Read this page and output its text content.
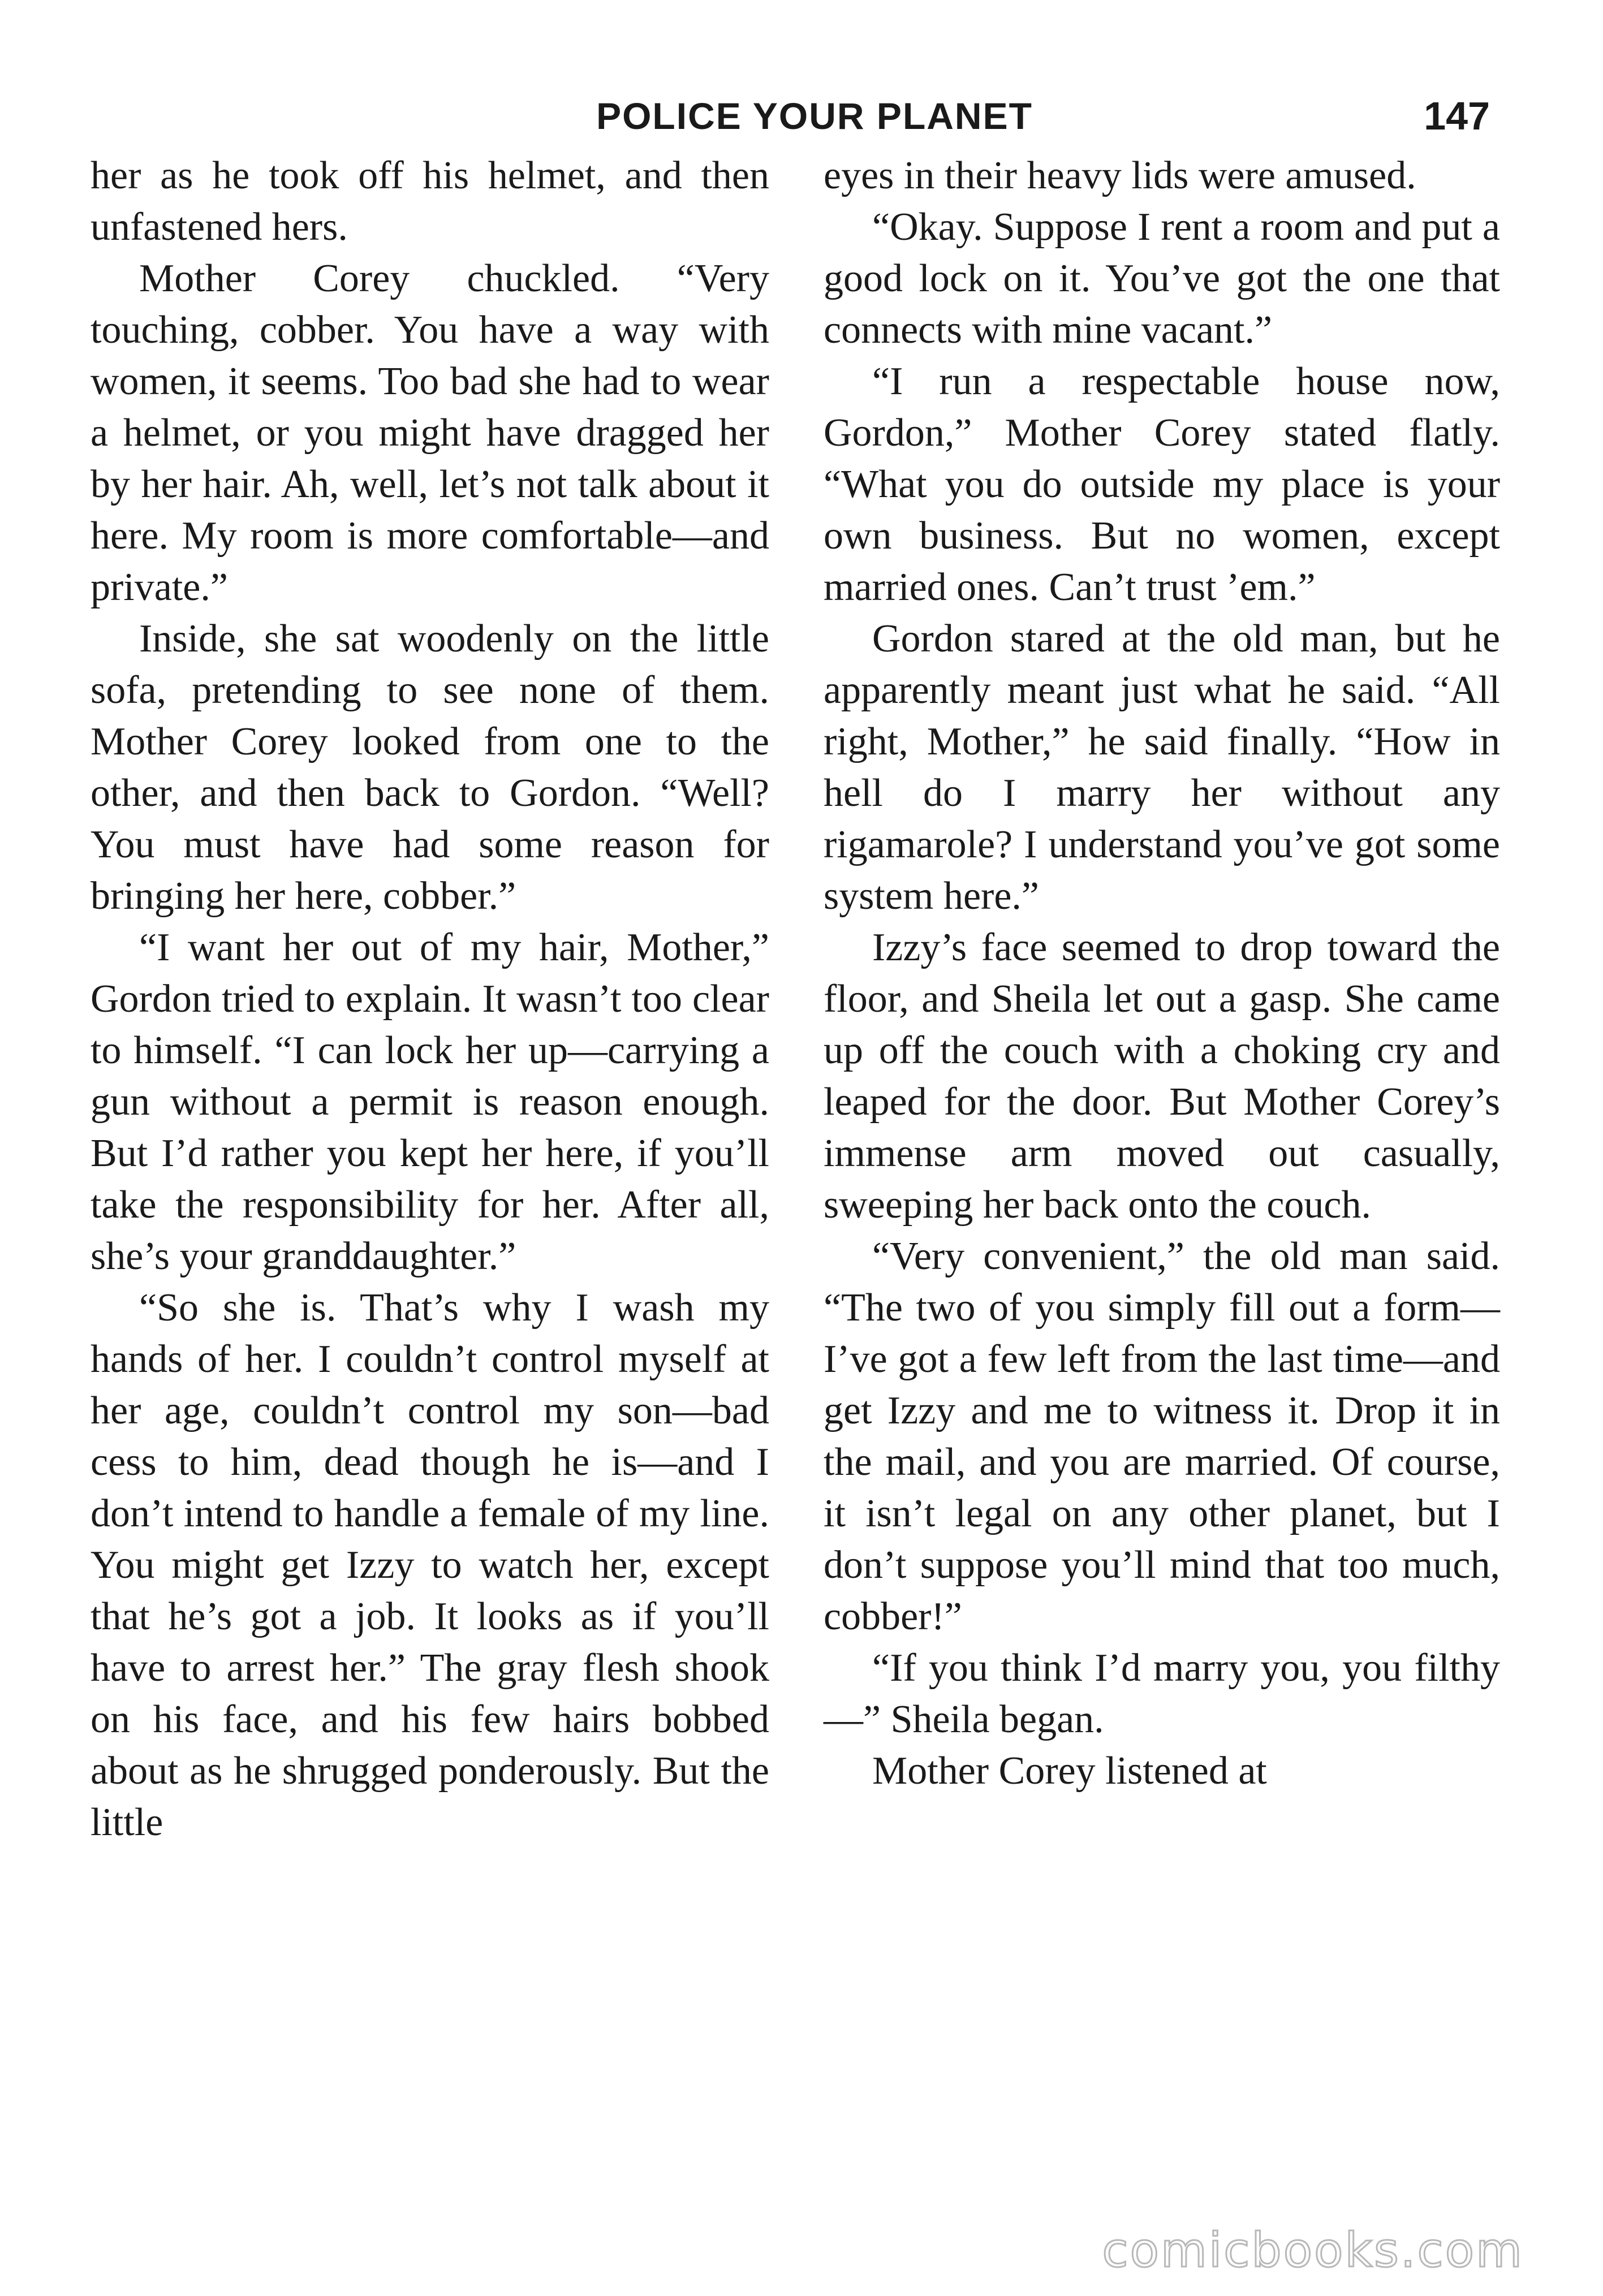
POLICE YOUR PLANET	147

her as he took off his helmet, and then unfastened hers.

Mother Corey chuckled. “Very touching, cobber. You have a way with women, it seems. Too bad she had to wear a helmet, or you might have dragged her by her hair. Ah, well, let’s not talk about it here. My room is more comfortable—and private.”

Inside, she sat woodenly on the little sofa, pretending to see none of them. Mother Corey looked from one to the other, and then back to Gordon. “Well? You must have had some reason for bringing her here, cobber.”

“I want her out of my hair, Mother,” Gordon tried to explain. It wasn’t too clear to himself. “I can lock her up—carrying a gun without a permit is reason enough. But I’d rather you kept her here, if you’ll take the responsibility for her. After all, she’s your granddaughter.”

“So she is. That’s why I wash my hands of her. I couldn’t control myself at her age, couldn’t control my son—bad cess to him, dead though he is—and I don’t intend to handle a female of my line. You might get Izzy to watch her, except that he’s got a job. It looks as if you’ll have to arrest her.” The gray flesh shook on his face, and his few hairs bobbed about as he shrugged ponderously. But the little

eyes in their heavy lids were amused.

“Okay. Suppose I rent a room and put a good lock on it. You’ve got the one that connects with mine vacant.”

“I run a respectable house now, Gordon,” Mother Corey stated flatly. “What you do outside my place is your own business. But no women, except married ones. Can’t trust ’em.”

Gordon stared at the old man, but he apparently meant just what he said. “All right, Mother,” he said finally. “How in hell do I marry her without any rigamarole? I understand you’ve got some system here.”

Izzy’s face seemed to drop toward the floor, and Sheila let out a gasp. She came up off the couch with a choking cry and leaped for the door. But Mother Corey’s immense arm moved out casually, sweeping her back onto the couch.

“Very convenient,” the old man said. “The two of you simply fill out a form—I’ve got a few left from the last time—and get Izzy and me to witness it. Drop it in the mail, and you are married. Of course, it isn’t legal on any other planet, but I don’t suppose you’ll mind that too much, cobber!”

“If you think I’d marry you, you filthy—” Sheila began.

Mother Corey listened at

comicbooks.com
